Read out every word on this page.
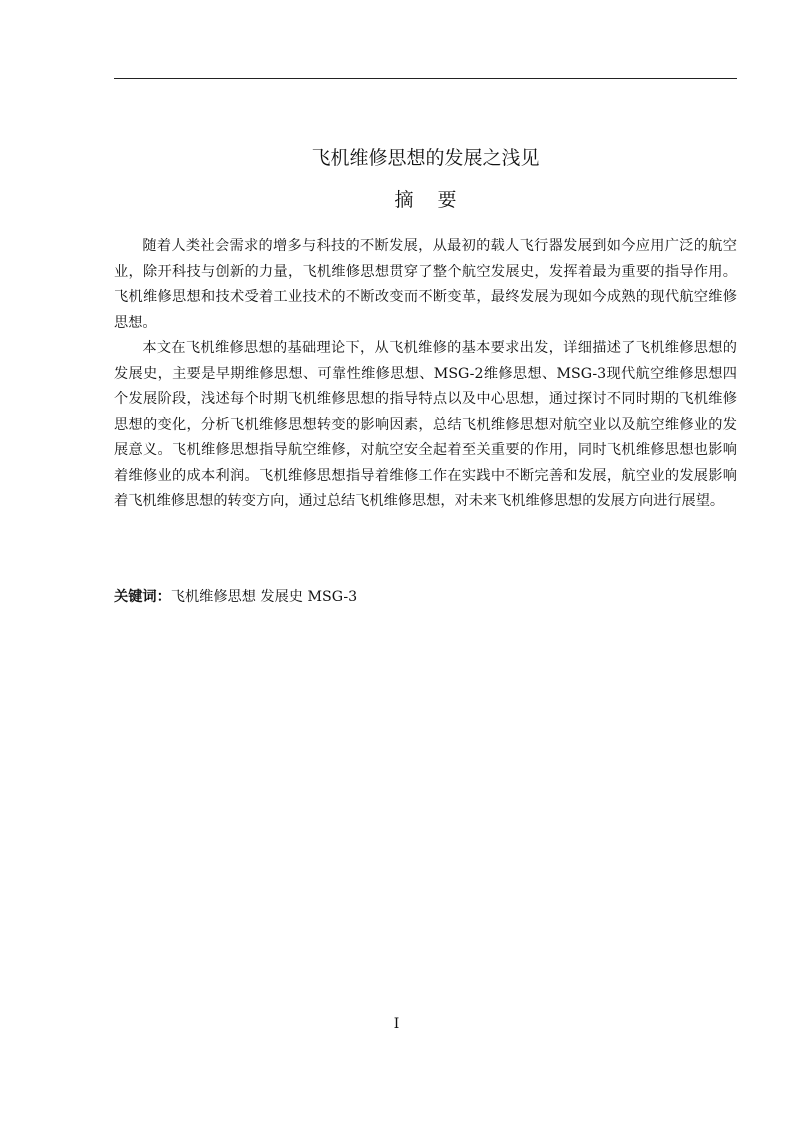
飞机维修思想的发展之浅见
摘要

随着人类社会需求的增多与科技的不断发展，从最初的载人飞行器发展到如今应用广泛的航空业，除开科技与创新的力量，飞机维修思想贯穿了整个航空发展史，发挥着最为重要的指导作用。飞机维修思想和技术受着工业技术的不断改变而不断变革，最终发展为现如今成熟的现代航空维修思想。

本文在飞机维修思想的基础理论下，从飞机维修的基本要求出发，详细描述了飞机维修思想的发展史，主要是早期维修思想、可靠性维修思想、MSG-2维修思想、MSG-3现代航空维修思想四个发展阶段，浅述每个时期飞机维修思想的指导特点以及中心思想，通过探讨不同时期的飞机维修思想的变化，分析飞机维修思想转变的影响因素，总结飞机维修思想对航空业以及航空维修业的发展意义。飞机维修思想指导航空维修，对航空安全起着至关重要的作用，同时飞机维修思想也影响着维修业的成本利润。飞机维修思想指导着维修工作在实践中不断完善和发展，航空业的发展影响着飞机维修思想的转变方向，通过总结飞机维修思想，对未来飞机维修思想的发展方向进行展望。

关键词：飞机维修思想 发展史 MSG-3
I
